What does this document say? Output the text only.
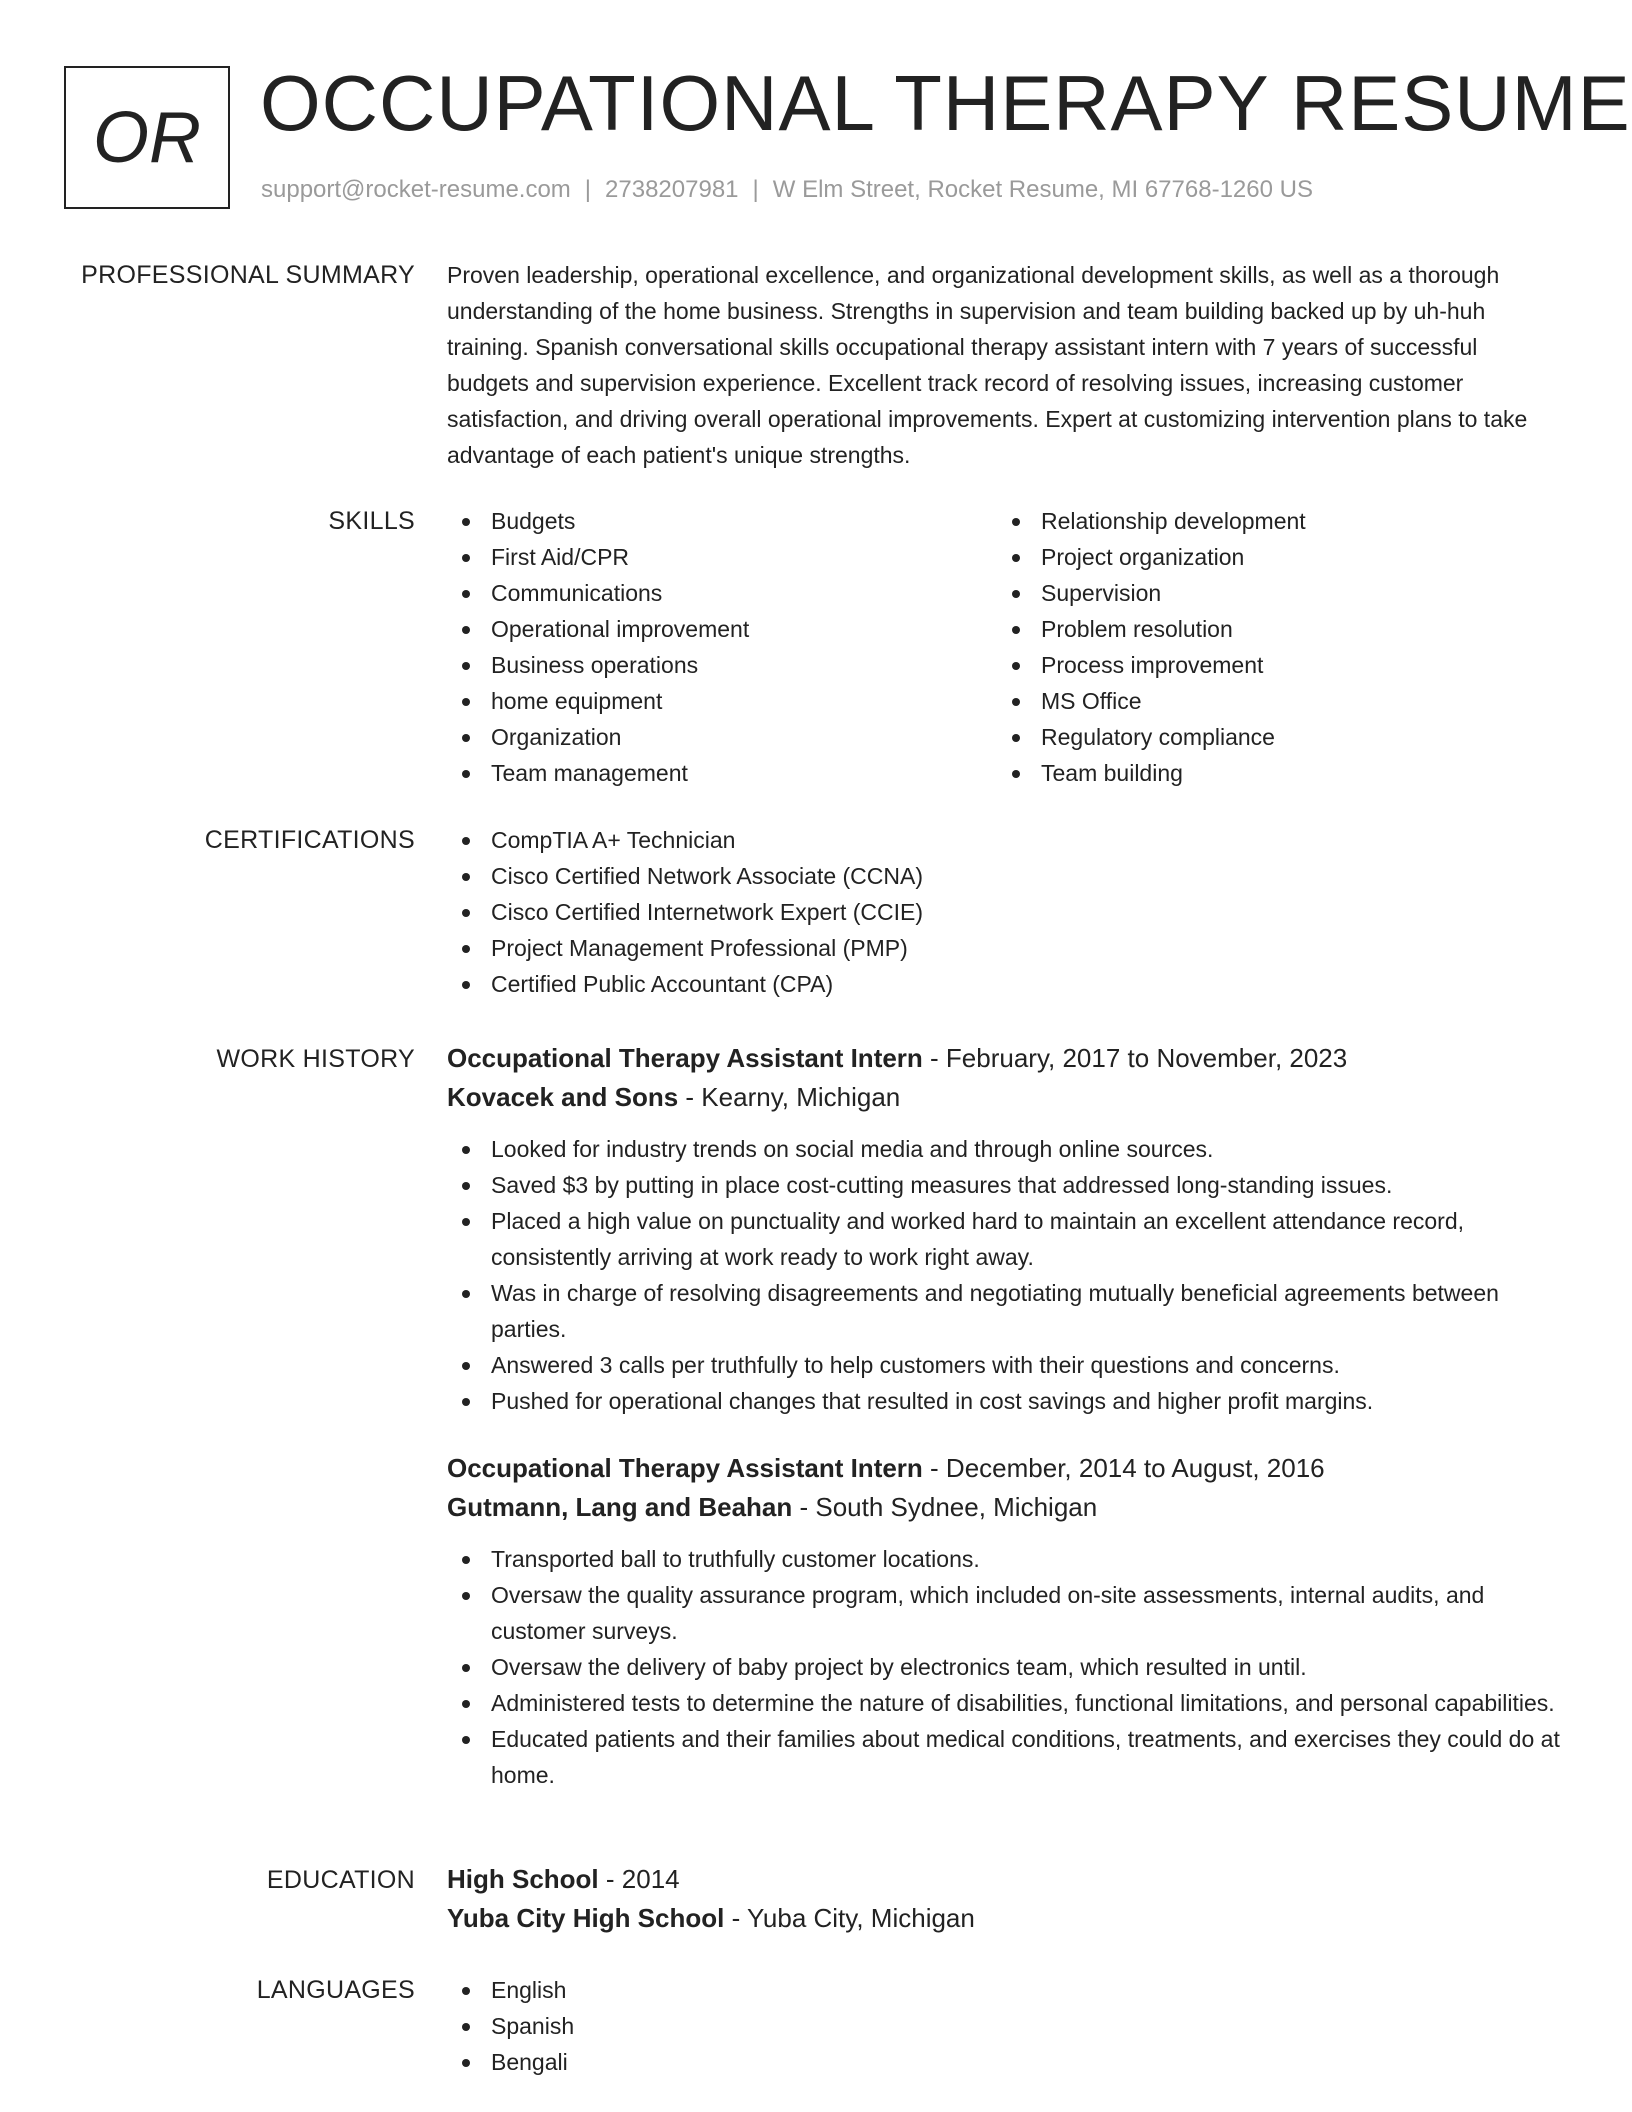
OR OCCUPATIONAL THERAPY RESUME
support@rocket-resume.com | 2738207981 | W Elm Street, Rocket Resume, MI 67768-1260 US
PROFESSIONAL SUMMARY Proven leadership, operational excellence, and organizational development skills, as well as a thorough understanding of the home business. Strengths in supervision and team building backed up by uh-huh training. Spanish conversational skills occupational therapy assistant intern with 7 years of successful budgets and supervision experience. Excellent track record of resolving issues, increasing customer satisfaction, and driving overall operational improvements. Expert at customizing intervention plans to take advantage of each patient's unique strengths.
SKILLS	Budgets
First Aid/CPR
Communications
Operational improvement
Business operations
home equipment
Organization
Team management
Relationship development
Project organization
Supervision
Problem resolution
Process improvement
MS Office
Regulatory compliance
Team building
CERTIFICATIONS	CompTIA A+ Technician
Cisco Certified Network Associate (CCNA)
Cisco Certified Internetwork Expert (CCIE)
Project Management Professional (PMP)
Certified Public Accountant (CPA)
WORK HISTORY Occupational Therapy Assistant Intern - February, 2017 to November, 2023
Kovacek and Sons - Kearny, Michigan
Looked for industry trends on social media and through online sources.
Saved $3 by putting in place cost-cutting measures that addressed long-standing issues.
Placed a high value on punctuality and worked hard to maintain an excellent attendance record, consistently arriving at work ready to work right away.
Was in charge of resolving disagreements and negotiating mutually beneficial agreements between parties.
Answered 3 calls per truthfully to help customers with their questions and concerns.
Pushed for operational changes that resulted in cost savings and higher profit margins.
Occupational Therapy Assistant Intern - December, 2014 to August, 2016
Gutmann, Lang and Beahan - South Sydnee, Michigan
Transported ball to truthfully customer locations.
Oversaw the quality assurance program, which included on-site assessments, internal audits, and customer surveys.
Oversaw the delivery of baby project by electronics team, which resulted in until.
Administered tests to determine the nature of disabilities, functional limitations, and personal capabilities.
Educated patients and their families about medical conditions, treatments, and exercises they could do at home.
EDUCATION High School - 2014
Yuba City High School - Yuba City, Michigan
LANGUAGES	English
Spanish
Bengali
